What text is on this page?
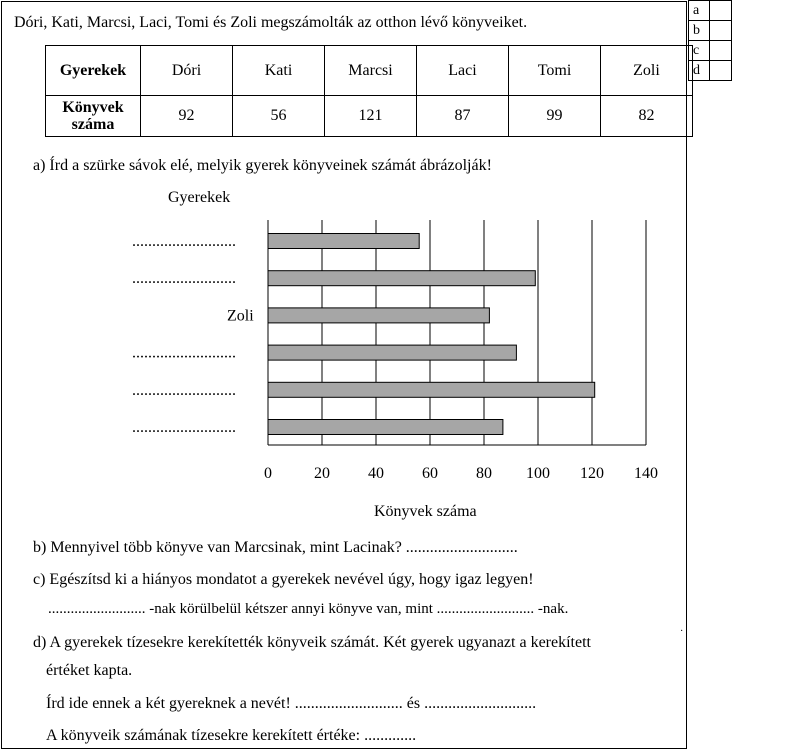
a	
b	
c	
d	
Dóri, Kati, Marcsi, Laci, Tomi és Zoli megszámolták az otthon lévő könyveiket.
Gyerekek	Dóri	Kati	Marcsi	Laci	Tomi	Zoli
Könyvek
száma	92	56	121	87	99	82
a) Írd a szürke sávok elé, melyik gyerek könyveinek számát ábrázolják!
0	20 40 60 80 100 120 140
..........................
..........................
Zoli
..........................
..........................
..........................
Gyerekek
Könyvek száma
b) Mennyivel több könyve van Marcsinak, mint Lacinak? ............................
c) Egészítsd ki a hiányos mondatot a gyerekek nevével úgy, hogy igaz legyen!
.......................... -nak körülbelül kétszer annyi könyve van, mint .......................... -nak.
d) A gyerekek tízesekre kerekítették könyveik számát. Két gyerek ugyanazt a kerekített
értéket kapta.
Írd ide ennek a két gyereknek a nevét! ........................... és ............................
A könyveik számának tízesekre kerekített értéke: .............
·
